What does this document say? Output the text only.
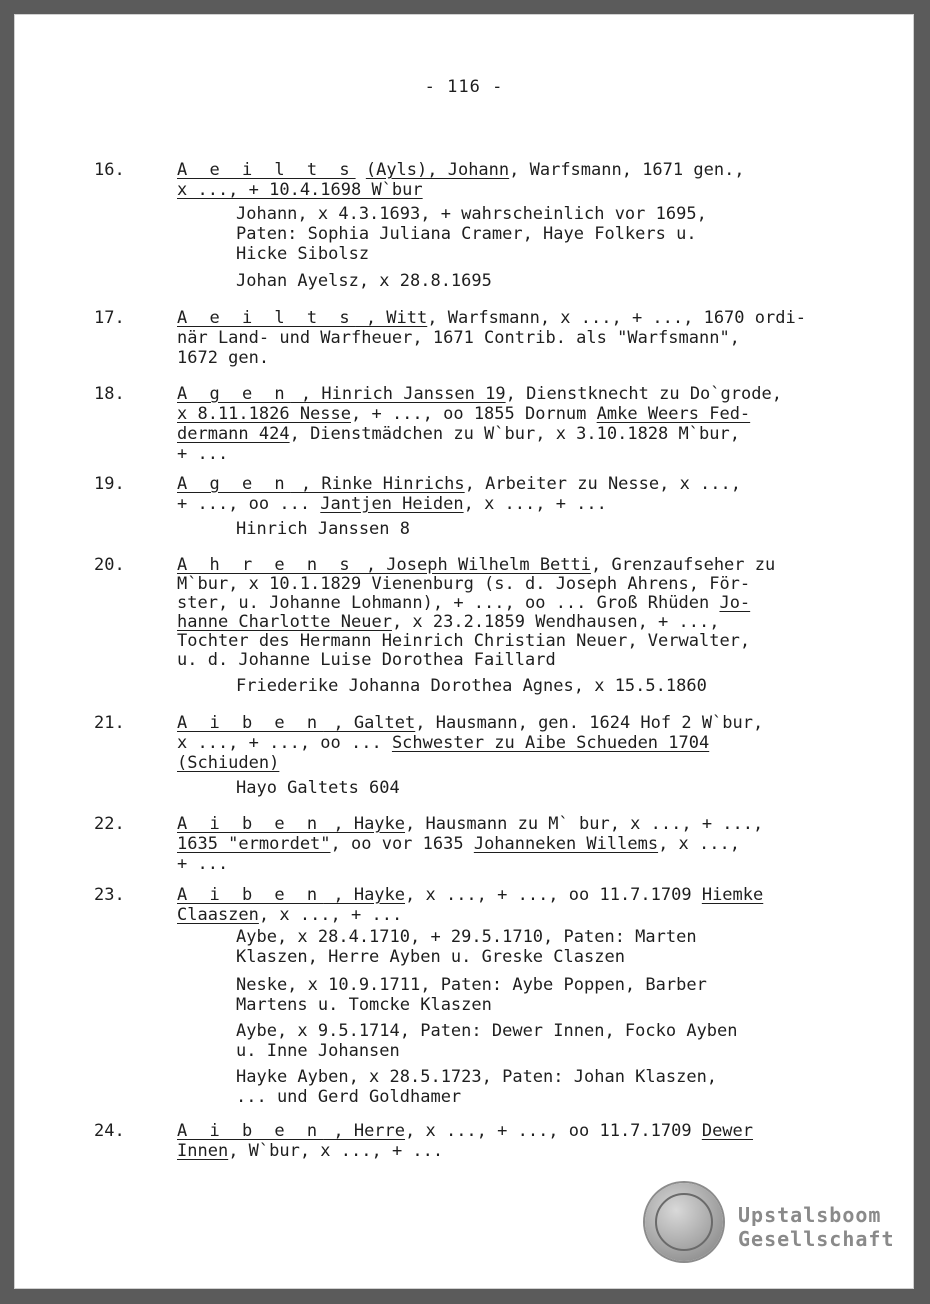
- 116 -
16.	A e i l t s (Ayls), Johann, Warfsmann, 1671 gen.,
x ..., + 10.4.1698 W`bur
Johann, x 4.3.1693, + wahrscheinlich vor 1695,
Paten: Sophia Juliana Cramer, Haye Folkers u.
Hicke Sibolsz
Johan Ayelsz, x 28.8.1695
17.	A e i l t s , Witt, Warfsmann, x ..., + ..., 1670 ordi-
när Land- und Warfheuer, 1671 Contrib. als "Warfsmann",
1672 gen.
18.	A g e n , Hinrich Janssen 19, Dienstknecht zu Do`grode,
x 8.11.1826 Nesse, + ..., oo 1855 Dornum Amke Weers Fed-
dermann 424, Dienstmädchen zu W`bur, x 3.10.1828 M`bur,
+ ...
19.	A g e n , Rinke Hinrichs, Arbeiter zu Nesse, x ...,
+ ..., oo ... Jantjen Heiden, x ..., + ...
Hinrich Janssen 8
20.	A h r e n s , Joseph Wilhelm Betti, Grenzaufseher zu
M`bur, x 10.1.1829 Vienenburg (s. d. Joseph Ahrens, För-
ster, u. Johanne Lohmann), + ..., oo ... Groß Rhüden Jo-
hanne Charlotte Neuer, x 23.2.1859 Wendhausen, + ...,
Tochter des Hermann Heinrich Christian Neuer, Verwalter,
u. d. Johanne Luise Dorothea Faillard
Friederike Johanna Dorothea Agnes, x 15.5.1860
21.	A i b e n , Galtet, Hausmann, gen. 1624 Hof 2 W`bur,
x ..., + ..., oo ... Schwester zu Aibe Schueden 1704
(Schiuden)
Hayo Galtets 604
22.	A i b e n , Hayke, Hausmann zu M` bur, x ..., + ...,
1635 "ermordet", oo vor 1635 Johanneken Willems, x ...,
+ ...
23.	A i b e n , Hayke, x ..., + ..., oo 11.7.1709 Hiemke
Claaszen, x ..., + ...
Aybe, x 28.4.1710, + 29.5.1710, Paten: Marten
Klaszen, Herre Ayben u. Greske Claszen
Neske, x 10.9.1711, Paten: Aybe Poppen, Barber
Martens u. Tomcke Klaszen
Aybe, x 9.5.1714, Paten: Dewer Innen, Focko Ayben
u. Inne Johansen
Hayke Ayben, x 28.5.1723, Paten: Johan Klaszen,
... und Gerd Goldhamer
24.	A i b e n , Herre, x ..., + ..., oo 11.7.1709 Dewer
Innen, W`bur, x ..., + ...
Upstalsboom
Gesellschaft
